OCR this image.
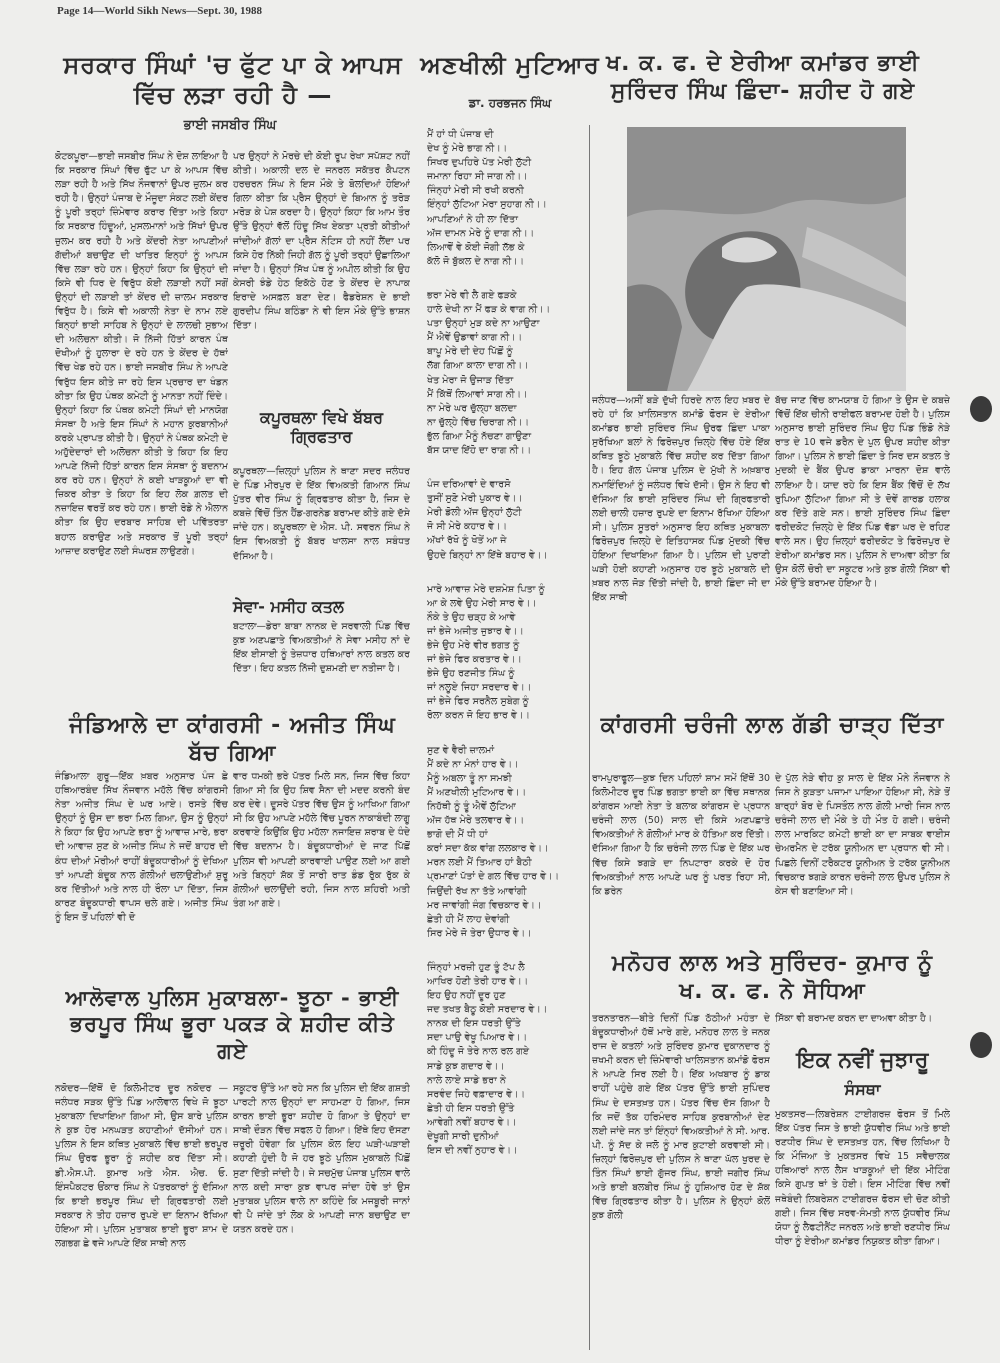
Page 14—World Sikh News—Sept. 30, 1988
ਸਰਕਾਰ ਸਿੰਘਾਂ 'ਚ ਫੁੱਟ ਪਾ ਕੇ ਆਪਸ ਵਿੱਚ ਲੜਾ ਰਹੀ ਹੈ —
ਭਾਈ ਜਸਬੀਰ ਸਿੰਘ
ਕੋਟਕਪੂਰਾ—ਭਾਈ ਜਸਬੀਰ ਸਿੰਘ ਨੇ ਦੋਸ਼ ਲਾਇਆ ਹੈ ਕਿ ਸਰਕਾਰ ਸਿੰਘਾਂ ਵਿੱਚ ਫੁੱਟ ਪਾ ਕੇ ਆਪਸ ਵਿੱਚ ਲੜਾ ਰਹੀ ਹੈ ਅਤੇ ਸਿੱਖ ਨੌਜਵਾਨਾਂ ਉਪਰ ਜ਼ੁਲਮ ਕਰ ਰਹੀ ਹੈ। ਉਨ੍ਹਾਂ ਪੰਜਾਬ ਦੇ ਮੌਜੂਦਾ ਸੰਕਟ ਲਈ ਕੇਂਦਰ ਨੂੰ ਪੂਰੀ ਤਰ੍ਹਾਂ ਜ਼ਿੰਮੇਵਾਰ ਕਰਾਰ ਦਿੱਤਾ ਅਤੇ ਕਿਹਾ ਕਿ ਸਰਕਾਰ ਹਿੰਦੂਆਂ, ਮੁਸਲਮਾਨਾਂ ਅਤੇ ਸਿੱਖਾਂ ਉਪਰ ਜ਼ੁਲਮ ਕਰ ਰਹੀ ਹੈ ਅਤੇ ਕੇਂਦਰੀ ਨੇਤਾ ਆਪਣੀਆਂ ਗੱਦੀਆਂ ਬਚਾਉਣ ਦੀ ਖਾਤਿਰ ਇਨ੍ਹਾਂ ਨੂੰ ਆਪਸ ਵਿੱਚ ਲੜਾ ਰਹੇ ਹਨ। ਉਨ੍ਹਾਂ ਕਿਹਾ ਕਿ ਉਨ੍ਹਾਂ ਦੀ ਕਿਸੇ ਵੀ ਧਿਰ ਦੇ ਵਿਰੁੱਧ ਕੋਈ ਲੜਾਈ ਨਹੀਂ ਸਗੋਂ ਉਨ੍ਹਾਂ ਦੀ ਲੜਾਈ ਤਾਂ ਕੇਂਦਰ ਦੀ ਜ਼ਾਲਮ ਸਰਕਾਰ ਵਿਰੁੱਧ ਹੈ। ਕਿਸੇ ਵੀ ਅਕਾਲੀ ਨੇਤਾ ਦੇ ਨਾਮ ਲਏ ਬਿਨ੍ਹਾਂ ਭਾਈ ਸਾਹਿਬ ਨੇ ਉਨ੍ਹਾਂ ਦੇ ਲਾਲਚੀ ਸੁਭਾਅ ਦੀ ਅਲੋਚਨਾ ਕੀਤੀ। ਜੋ ਨਿੱਜੀ ਹਿੱਤਾਂ ਕਾਰਨ ਪੰਥ ਦੋਖੀਆਂ ਨੂੰ ਹੁਲਾਰਾ ਦੇ ਰਹੇ ਹਨ ਤੇ ਕੇਂਦਰ ਦੇ ਹੱਥਾਂ ਵਿੱਚ ਖੇਡ ਰਹੇ ਹਨ। ਭਾਈ ਜਸਬੀਰ ਸਿੰਘ ਨੇ ਆਪਣੇ ਵਿਰੁੱਧ ਇਸ ਕੀਤੇ ਜਾ ਰਹੇ ਇਸ ਪ੍ਰਚਾਰ ਦਾ ਖੰਡਨ ਕੀਤਾ ਕਿ ਉਹ ਪੰਥਕ ਕਮੇਟੀ ਨੂੰ ਮਾਨਤਾ ਨਹੀਂ ਦਿੰਦੇ। ਉਨ੍ਹਾਂ ਕਿਹਾ ਕਿ ਪੰਥਕ ਕਮੇਟੀ ਸਿੰਘਾਂ ਦੀ ਮਾਨਯੋਗ ਸੰਸਥਾ ਹੈ ਅਤੇ ਇਸ ਸਿੰਘਾਂ ਨੇ ਮਹਾਨ ਕੁਰਬਾਨੀਆਂ ਕਰਕੇ ਪ੍ਰਾਪਤ ਕੀਤੀ ਹੈ। ਉਨ੍ਹਾਂ ਨੇ ਪੰਥਕ ਕਮੇਟੀ ਦੇ ਅਹੁੱਦੇਦਾਰਾਂ ਦੀ ਅਲੋਚਨਾ ਕੀਤੀ ਤੇ ਕਿਹਾ ਕਿ ਇਹ ਆਪਣੇ ਨਿੱਜੀ ਹਿੱਤਾਂ ਕਾਰਨ ਇਸ ਸੰਸਥਾ ਨੂੰ ਬਦਨਾਮ ਕਰ ਰਹੇ ਹਨ। ਉਨ੍ਹਾਂ ਨੇ ਕਈ ਖਾੜਕੂਆਂ ਦਾ ਵੀ ਜ਼ਿਕਰ ਕੀਤਾ ਤੇ ਕਿਹਾ ਕਿ ਇਹ ਲੋਕ ਗ਼ਲਤ ਦੀ ਨਜ਼ਾਇਜ਼ ਵਰਤੋਂ ਕਰ ਰਹੇ ਹਨ। ਭਾਈ ਰੋਡੇ ਨੇ ਐਲਾਨ ਕੀਤਾ ਕਿ ਉਹ ਦਰਬਾਰ ਸਾਹਿਬ ਦੀ ਪਵਿੱਤਰਤਾ ਬਹਾਲ ਕਰਾਉਣ ਅਤੇ ਸਰਕਾਰ ਤੋਂ ਪੂਰੀ ਤਰ੍ਹਾਂ ਆਜ਼ਾਦ ਕਰਾਉਣ ਲਈ ਸੰਘਰਸ਼ ਲਾਉਣਗੇ।
ਪਰ ਉਨ੍ਹਾਂ ਨੇ ਮੋਰਚੇ ਦੀ ਕੋਈ ਰੂਪ ਰੇਖਾ ਸਪੱਸ਼ਟ ਨਹੀਂ ਕੀਤੀ। ਅਕਾਲੀ ਦਲ ਦੇ ਜਨਰਲ ਸਕੱਤਰ ਕੈਪਟਨ ਹਰਚਰਨ ਸਿੰਘ ਨੇ ਇਸ ਮੌਕੇ ਤੇ ਬੋਲਦਿਆਂ ਹੋਇਆਂ ਗਿਲਾ ਕੀਤਾ ਕਿ ਪ੍ਰੈਸ ਉਨ੍ਹਾਂ ਦੇ ਬਿਆਨ ਨੂੰ ਤਰੋੜ ਮਰੋੜ ਕੇ ਪੇਸ਼ ਕਰਦਾ ਹੈ। ਉਨ੍ਹਾਂ ਕਿਹਾ ਕਿ ਆਮ ਤੌਰ ਉੱਤੇ ਉਨ੍ਹਾਂ ਵੱਲੋਂ ਹਿੰਦੂ ਸਿੱਖ ਏਕਤਾ ਪ੍ਰਤੀ ਕੀਤੀਆਂ ਜਾਂਦੀਆਂ ਗੱਲਾਂ ਦਾ ਪ੍ਰੈਸ ਨੋਟਿਸ ਹੀ ਨਹੀਂ ਲੈਂਦਾ ਪਰ ਕਿਸੇ ਹੋਰ ਨਿੱਕੀ ਜਿਹੀ ਗੱਲ ਨੂੰ ਪੂਰੀ ਤਰ੍ਹਾਂ ਉਛਾਲਿਆ ਜਾਂਦਾ ਹੈ। ਉਨ੍ਹਾਂ ਸਿੱਖ ਪੰਥ ਨੂੰ ਅਪੀਲ ਕੀਤੀ ਕਿ ਉਹ ਕੇਸਰੀ ਝੰਡੇ ਹੇਠ ਇਕੱਠੇ ਹੋਣ ਤੇ ਕੇਂਦਰ ਦੇ ਨਾਪਾਕ ਇਰਾਦੇ ਅਸਫ਼ਲ ਬਣਾ ਦੇਣ। ਫੈਡਰੇਸ਼ਨ ਦੇ ਭਾਈ ਗੁਰਦੀਪ ਸਿੰਘ ਬਠਿੰਡਾ ਨੇ ਵੀ ਇਸ ਮੌਕੇ ਉੱਤੇ ਭਾਸ਼ਨ ਦਿੱਤਾ।
ਕਪੂਰਥਲਾ ਵਿਖੇ ਬੱਬਰ ਗ੍ਰਿਫਤਾਰ
ਕਪੂਰਥਲਾ—ਜ਼ਿਲ੍ਹਾਂ ਪੁਲਿਸ ਨੇ ਥਾਣਾ ਸਦਰ ਜਲੰਧਰ ਦੇ ਪਿੰਡ ਮੀਰਪੁਰ ਦੇ ਇੱਕ ਵਿਅਕਤੀ ਗਿਆਨ ਸਿੰਘ ਪੁੱਤਰ ਵੀਰ ਸਿੰਘ ਨੂੰ ਗ੍ਰਿਫਤਾਰ ਕੀਤਾ ਹੈ, ਜਿਸ ਦੇ ਕਬਜ਼ੇ ਵਿੱਚੋਂ ਤਿੰਨ ਹੈਂਡ-ਗਰਨੇਡ ਬਰਾਮਦ ਕੀਤੇ ਗਏ ਦੱਸੇ ਜਾਂਦੇ ਹਨ। ਕਪੂਰਥਲਾ ਦੇ ਐਸ. ਪੀ. ਸਵਰਨ ਸਿੰਘ ਨੇ ਇਸ ਵਿਅਕਤੀ ਨੂੰ ਬੱਬਰ ਖਾਲਸਾ ਨਾਲ ਸਬੰਧਤ ਦੱਸਿਆ ਹੈ।
ਸੇਵਾ- ਮਸੀਹ ਕਤਲ
ਬਟਾਲਾ—ਡੇਰਾ ਬਾਬਾ ਨਾਨਕ ਦੇ ਸਰਵਾਲੀ ਪਿੰਡ ਵਿੱਚ ਕੁਝ ਅਣਪਛਾਤੇ ਵਿਅਕਤੀਆਂ ਨੇ ਸੇਵਾ ਮਸੀਹ ਨਾਂ ਦੇ ਇੱਕ ਈਸਾਈ ਨੂੰ ਤੇਜ਼ਧਾਰ ਹਥਿਆਰਾਂ ਨਾਲ ਕਤਲ ਕਰ ਦਿੱਤਾ। ਇਹ ਕਤਲ ਨਿੱਜੀ ਦੁਸ਼ਮਣੀ ਦਾ ਨਤੀਜਾ ਹੈ।
ਜੰਡਿਆਲੇ ਦਾ ਕਾਂਗਰਸੀ - ਅਜੀਤ ਸਿੰਘ ਬੱਚ ਗਿਆ
ਜੰਡਿਆਲਾ ਗੁਰੂ—ਇੱਕ ਖ਼ਬਰ ਅਨੁਸਾਰ ਪੰਜ ਛੇ ਹਥਿਆਰਬੰਦ ਸਿੱਖ ਨੌਜਵਾਨ ਮਹੱਲੇ ਵਿੱਚ ਕਾਂਗਰਸੀ ਨੇਤਾ ਅਜੀਤ ਸਿੰਘ ਦੇ ਘਰ ਆਏ। ਰਸਤੇ ਵਿੱਚ ਉਨ੍ਹਾਂ ਨੂੰ ਉਸ ਦਾ ਭਰਾ ਮਿਲ ਗਿਆ, ਉਸ ਨੂੰ ਉਨ੍ਹਾਂ ਨੇ ਕਿਹਾ ਕਿ ਉਹ ਆਪਣੇ ਭਰਾ ਨੂੰ ਆਵਾਜ਼ ਮਾਰੇ, ਭਰਾ ਦੀ ਆਵਾਜ਼ ਸੁਣ ਕੇ ਅਜੀਤ ਸਿੰਘ ਨੇ ਜਦੋਂ ਬਾਹਰ ਦੀ ਕੰਧ ਦੀਆਂ ਮੋਰੀਆਂ ਰਾਹੀਂ ਬੰਦੂਕਧਾਰੀਆਂ ਨੂੰ ਦੇਖਿਆ ਤਾਂ ਆਪਣੀ ਬੰਦੂਕ ਨਾਲ ਗੋਲੀਆਂ ਚਲਾਉਣੀਆਂ ਸ਼ੁਰੂ ਕਰ ਦਿੱਤੀਆਂ ਅਤੇ ਨਾਲ ਹੀ ਰੌਲਾ ਪਾ ਦਿੱਤਾ, ਜਿਸ ਕਾਰਣ ਬੰਦੂਕਧਾਰੀ ਵਾਪਸ ਚਲੇ ਗਏ। ਅਜੀਤ ਸਿੰਘ ਨੂੰ ਇਸ ਤੋਂ ਪਹਿਲਾਂ ਵੀ ਦੋ
ਵਾਰ ਧਮਕੀ ਭਰੇ ਪੱਤਰ ਮਿਲੇ ਸਨ, ਜਿਸ ਵਿੱਚ ਕਿਹਾ ਗਿਆ ਸੀ ਕਿ ਉਹ ਸ਼ਿਵ ਸੈਨਾ ਦੀ ਮਦਦ ਕਰਨੀ ਬੰਦ ਕਰ ਦੇਵੇ। ਦੂਸਰੇ ਪੱਤਰ ਵਿੱਚ ਉਸ ਨੂੰ ਆਖਿਆ ਗਿਆ ਸੀ ਕਿ ਉਹ ਆਪਣੇ ਮਹੱਲੇ ਵਿੱਚ ਪੂਰਨ ਨਾਕਾਬੰਦੀ ਲਾਗੂ ਕਰਵਾਏ ਕਿਉਂਕਿ ਉਹ ਮਹੱਲਾ ਨਜਾਇਜ਼ ਸ਼ਰਾਬ ਦੇ ਧੰਦੇ ਵਿੱਚ ਬਦਨਾਮ ਹੈ। ਬੰਦੂਕਧਾਰੀਆਂ ਦੇ ਜਾਣ ਪਿੱਛੋਂ ਪੁਲਿਸ ਵੀ ਆਪਣੀ ਕਾਰਵਾਈ ਪਾਉਣ ਲਈ ਆ ਗਈ ਅਤੇ ਬਿਨ੍ਹਾਂ ਸ਼ੱਕ ਤੋਂ ਸਾਰੀ ਰਾਤ ਡੰਡ ਰੁੱਕ ਰੁੱਕ ਕੇ ਗੋਲੀਆਂ ਚਲਾਉਂਦੀ ਰਹੀ, ਜਿਸ ਨਾਲ ਸ਼ਹਿਰੀ ਅਤੀ ਤੰਗ ਆ ਗਏ।
ਆਲੋਵਾਲ ਪੁਲਿਸ ਮੁਕਾਬਲਾ- ਝੂਠਾ - ਭਾਈ ਭਰਪੂਰ ਸਿੰਘ ਭੂਰਾ ਪਕੜ ਕੇ ਸ਼ਹੀਦ ਕੀਤੇ ਗਏ
ਨਕੋਦਰ—ਇੱਥੋਂ ਦੋ ਕਿਲੋਮੀਟਰ ਦੂਰ ਨਕੋਦਰ — ਜਲੰਧਰ ਸੜਕ ਉੱਤੇ ਪਿੰਡ ਆਲੋਵਾਲ ਵਿਖੇ ਜੋ ਝੂਠਾ ਮੁਕਾਬਲਾ ਦਿਖਾਇਆ ਗਿਆ ਸੀ, ਉਸ ਬਾਰੇ ਪੁਲਿਸ ਨੇ ਕੁਝ ਹੋਰ ਮਨਘੜਤ ਕਹਾਣੀਆਂ ਦੱਸੀਆਂ ਹਨ। ਪੁਲਿਸ ਨੇ ਇਸ ਕਥਿਤ ਮੁਕਾਬਲੇ ਵਿੱਚ ਭਾਈ ਭਰਪੂਰ ਸਿੰਘ ਉਰਫ ਭੂਰਾ ਨੂੰ ਸ਼ਹੀਦ ਕਰ ਦਿੱਤਾ ਸੀ। ਡੀ.ਐਸ.ਪੀ. ਕੁਮਾਰ ਅਤੇ ਐਸ. ਐਚ. ਓ. ਇੰਸਪੈਕਟਰ ਓਂਕਾਰ ਸਿੰਘ ਨੇ ਪੱਤਰਕਾਰਾਂ ਨੂੰ ਦੱਸਿਆ ਕਿ ਭਾਈ ਭਰਪੂਰ ਸਿੰਘ ਦੀ ਗ੍ਰਿਫਤਾਰੀ ਲਈ ਸਰਕਾਰ ਨੇ ਤੀਹ ਹਜ਼ਾਰ ਰੁਪਏ ਦਾ ਇਨਾਮ ਰੱਖਿਆ ਹੋਇਆ ਸੀ। ਪੁਲਿਸ ਮੁਤਾਬਕ ਭਾਈ ਭੂਰਾ ਸ਼ਾਮ ਦੇ ਲਗਭਗ ਛੇ ਵਜੇ ਆਪਣੇ ਇੱਕ ਸਾਥੀ ਨਾਲ
ਸਕੂਟਰ ਉੱਤੇ ਆ ਰਹੇ ਸਨ ਕਿ ਪੁਲਿਸ ਦੀ ਇੱਕ ਗਸ਼ਤੀ ਪਾਰਟੀ ਨਾਲ ਉਨ੍ਹਾਂ ਦਾ ਸਾਹਮਣਾ ਹੋ ਗਿਆ, ਜਿਸ ਕਾਰਨ ਭਾਈ ਭੂਰਾ ਸ਼ਹੀਦ ਹੋ ਗਿਆ ਤੇ ਉਨ੍ਹਾਂ ਦਾ ਸਾਥੀ ਦੌੜਨ ਵਿੱਚ ਸਫਲ ਹੋ ਗਿਆ। ਇੱਥੇ ਇਹ ਦੱਸਣਾ ਜ਼ਰੂਰੀ ਹੋਵੇਗਾ ਕਿ ਪੁਲਿਸ ਕੋਲ ਇਹ ਘੜੀ-ਘੜਾਈ ਕਹਾਣੀ ਹੁੰਦੀ ਹੈ ਜੋ ਹਰ ਝੂਠੇ ਪੁਲਿਸ ਮੁਕਾਬਲੇ ਪਿੱਛੋਂ ਸੁਣਾ ਦਿੱਤੀ ਜਾਂਦੀ ਹੈ। ਜੇ ਸਚਮੁੱਚ ਪੰਜਾਬ ਪੁਲਿਸ ਵਾਲੇ ਨਾਲ ਕਦੀ ਸਾਰਾ ਕੁਝ ਵਾਪਰ ਜਾਂਦਾ ਹੋਵੇ ਤਾਂ ਉਸ ਮੁਤਾਬਕ ਪੁਲਿਸ ਵਾਲੇ ਨਾ ਕਹਿੰਦੇ ਕਿ ਮਜਬੂਰੀ ਜਾਨਾਂ ਵੀ ਪੈ ਜਾਂਦੇ ਤਾਂ ਲੋਕ ਕੇ ਆਪਣੀ ਜਾਨ ਬਚਾਉਣ ਦਾ ਯਤਨ ਕਰਦੇ ਹਨ।
ਅਣਖੀਲੀ ਮੁਟਿਆਰ
ਡਾ. ਹਰਭਜਨ ਸਿੰਘ
ਮੈਂ ਹਾਂ ਧੀ ਪੰਜਾਬ ਦੀ
ਦੇਖ ਨੂੰ ਮੇਰੇ ਭਾਗ ਨੀ।।
ਸਿਖਰ ਦੁਪਹਿਰੇ ਪੱਤ ਮੇਰੀ ਲੁੱਟੀ
ਜਮਾਨਾ ਰਿਹਾ ਸੀ ਜਾਗ ਨੀ।।
ਜਿੰਨ੍ਹਾਂ ਮੇਰੀ ਸੀ ਰਖੀ ਕਰਨੀ
ਇੰਨ੍ਹਾਂ ਲੁੱਟਿਆ ਮੇਰਾ ਸੁਹਾਗ ਨੀ।।
ਆਪਣਿਆਂ ਨੇ ਹੀ ਲਾ ਦਿੱਤਾ
ਅੱਜ ਦਾਮਨ ਮੇਰੇ ਨੂੰ ਦਾਗ ਨੀ।।
ਲਿਆਵੋਂ ਵੇ ਕੋਈ ਜੋਗੀ ਲੱਭ ਕੇ
ਕੱਲੋ ਜੋ ਬੁੱਕਲ ਦੇ ਨਾਗ ਨੀ।।
ਭਰਾ ਮੇਰੇ ਵੀ ਲੈ ਗਏ ਫੜਕੇ
ਹਾਲੇ ਦੇਖੀ ਨਾ ਮੈਂ ਫੜ ਕੇ ਵਾਗ ਨੀ।।
ਪਤਾ ਉਨ੍ਹਾਂ ਮੁੜ ਕਦੇ ਨਾ ਆਉਣਾ
ਮੈਂ ਐਵੇਂ ਉਡਾਵਾਂ ਕਾਗ ਨੀ।।
ਬਾਪੂ ਮੇਰੇ ਦੀ ਦੇਹ ਪਿੱਛੋਂ ਨੂੰ
ਲੱਗ ਗਿਆ ਕਾਲਾ ਦਾਗ ਨੀ।।
ਖੇਤ ਮੇਰਾ ਜੋ ਉਜਾੜ ਦਿੱਤਾ
ਮੈਂ ਕਿੱਥੋਂ ਲਿਆਵਾਂ ਸਾਗ ਨੀ।।
ਨਾ ਮੇਰੇ ਘਰ ਚੁੱਲ੍ਹਾ ਬਲਦਾ
ਨਾ ਚੁੱਲ੍ਹੇ ਵਿੱਚ ਚਿਰਾਗ ਨੀ।।
ਭੁੱਲ ਗਿਆ ਮੈਨੂੰ ਨੱਚਣਾ ਗਾਉਣਾ
ਬੱਸ ਯਾਦ ਇੱਹੋ ਦਾ ਰਾਗ ਨੀ।।
ਪੰਜ ਦਰਿਆਵਾਂ ਦੇ ਵਾਰਸੋ
ਤੁਸੀਂ ਸੁਣੋ ਮੇਰੀ ਪੁਕਾਰ ਵੇ।।
ਮੇਰੀ ਡੋਲੀ ਅੱਜ ਉਨ੍ਹਾਂ ਲੁੱਟੀ
ਜੋ ਸੀ ਮੇਰੇ ਕਹਾਰ ਵੇ।।
ਅੱਖਾਂ ਰੱਖੋ ਨੂੰ ਖੋਤੇਂ ਆ ਜੇ
ਉਹਦੇ ਬਿਨ੍ਹਾਂ ਨਾ ਇੱਥੇ ਬਹਾਰ ਵੇ।।
ਮਾਰੇ ਆਵਾਜ਼ ਮੇਰੇ ਦਸ਼ਮੇਸ਼ ਪਿਤਾ ਨੂੰ
ਆ ਕੇ ਲਵੇ ਉਹ ਮੇਰੀ ਸਾਰ ਵੇ।।
ਨੌਕੇ ਤੇ ਉਹ ਚੜ੍ਹ ਕੇ ਆਵੇ
ਜਾਂ ਭੇਜੇ ਅਜੀਤ ਜੁਝਾਰ ਵੇ।।
ਭੇਜੇ ਉਹ ਮੇਰੇ ਵੀਰ ਭਗਤ ਨੂੰ
ਜਾਂ ਭੇਜੇ ਫਿਰ ਕਰਤਾਰ ਵੇ।।
ਭੇਜੇ ਉਹ ਰਣਜੀਤ ਸਿੰਘ ਨੂੰ
ਜਾਂ ਨਲੂਏ ਜਿਹਾ ਸਰਦਾਰ ਵੇ।।
ਜਾਂ ਭੇਜੇ ਫਿਰ ਸਰਨੈਲ ਸੁਬੇਗ ਨੂੰ
ਰੋਲਾ ਕਰਨ ਜੋ ਇਹ ਭਾਰ ਵੇ।।
ਸੁਣ ਵੇ ਵੈਰੀ ਜ਼ਾਲਮਾਂ
ਮੈਂ ਕਦੇ ਨਾ ਮੰਨਾਂ ਹਾਰ ਵੇ।।
ਮੈਨੂੰ ਅਬਲਾ ਤੂੰ ਨਾ ਸਮਝੀ
ਮੈਂ ਅਣਖੀਲੀ ਮੁਟਿਆਰ ਵੇ।।
ਨਿਹੱਥੀ ਨੂੰ ਤੂੰ ਐਵੇਂ ਲੁੱਟਿਆ
ਅੱਜ ਹੱਥ ਮੇਰੇ ਤਲਵਾਰ ਵੇ।।
ਭਾਗੋ ਦੀ ਮੈਂ ਧੀ ਹਾਂ
ਕਰਾਂ ਸਦਾ ਕੱਕ ਵਾਂਗ ਲਲਕਾਰ ਵੇ।।
ਮਰਨ ਲਈ ਮੈਂ ਤਿਆਰ ਹਾਂ ਬੈਠੀ
ਪ੍ਰਮਾਣਾਂ ਪੱਤਾਂ ਦੇ ਗਲ ਵਿੱਚ ਹਾਰ ਵੇ।।
ਜਿਉਂਦੀ ਰੱਖ ਨਾ ਤੱਤੇ ਆਵਾਂਗੀ
ਮਰ ਜਾਵਾਂਗੀ ਜੰਗ ਵਿਚਕਾਰ ਵੇ।।
ਛੇਤੀ ਹੀ ਮੈਂ ਲਾਹ ਦੇਵਾਂਗੀ
ਸਿਰ ਮੇਰੇ ਜੋ ਤੇਰਾ ਉਧਾਰ ਵੇ।।
ਜਿੰਨ੍ਹਾਂ ਮਰਜ਼ੀ ਹੁਣ ਤੂੰ ਟੱਪ ਲੈ
ਆਖਿਰ ਹੋਣੀ ਤੇਰੀ ਹਾਰ ਵੇ।।
ਇਹ ਉਹ ਨਹੀਂ ਦੂਰ ਹੁਣ
ਜਦ ਤਖਤ ਬੈਠੂ ਕੋਈ ਸਰਦਾਰ ਵੇ।।
ਨਾਨਕ ਦੀ ਇਸ ਧਰਤੀ ਉੱਤੇ
ਸਦਾ ਪਾਉ ਵੇਖੂ ਪਿਆਰ ਵੇ।।
ਕੀ ਹਿੰਦੂ ਜੋ ਤੇਰੇ ਨਾਲ ਰਲ ਗਏ
ਸਾਡੇ ਕੁਝ ਗਦਾਰ ਵੇ।।
ਨਾਲੇ ਲਾਏ ਸਾਡੇ ਭਰਾ ਨੇ
ਸਰਵੰਦ ਜਿਹੇ ਵਫ਼ਾਦਾਰ ਵੇ।।
ਛੇਤੀ ਹੀ ਇਸ ਧਰਤੀ ਉੱਤੇ
ਆਵੇਗੀ ਨਵੀਂ ਬਹਾਰ ਵੇ।।
ਦੇਖੂਗੀ ਸਾਰੀ ਦੁਨੀਆਂ
ਇਸ ਦੀ ਨਵੀਂ ਨੁਹਾਰ ਵੇ।।
ਖ. ਕ. ਫ. ਦੇ ਏਰੀਆ ਕਮਾਂਡਰ ਭਾਈ ਸੁਰਿੰਦਰ ਸਿੰਘ ਛਿੰਦਾ- ਸ਼ਹੀਦ ਹੋ ਗਏ
ਜਲੰਧਰ—ਅਸੀਂ ਬੜੇ ਦੁੱਖੀ ਹਿਰਦੇ ਨਾਲ ਇਹ ਖ਼ਬਰ ਦੇ ਰਹੇ ਹਾਂ ਕਿ ਖ਼ਾਲਿਸਤਾਨ ਕਮਾਂਡੋ ਫੋਰਸ ਦੇ ਏਰੀਆ ਕਮਾਂਡਰ ਭਾਈ ਸੁਰਿੰਦਰ ਸਿੰਘ ਉਰਫ ਛਿੰਦਾ ਪਾਕਾ ਸੁਰੱਖਿਆ ਬਲਾਂ ਨੇ ਫਿਰੋਜ਼ਪੁਰ ਜ਼ਿਲ੍ਹੇ ਵਿੱਚ ਹੋਏ ਇੱਕ ਕਥਿਤ ਝੂਠੇ ਮੁਕਾਬਲੇ ਵਿੱਚ ਸ਼ਹੀਦ ਕਰ ਦਿੱਤਾ ਗਿਆ ਹੈ। ਇਹ ਗੱਲ ਪੰਜਾਬ ਪੁਲਿਸ ਦੇ ਮੁੱਖੀ ਨੇ ਅਖ਼ਬਾਰ ਨਮਾਇੰਦਿਆਂ ਨੂੰ ਜਲੰਧਰ ਵਿਖੇ ਦੱਸੀ। ਉਸ ਨੇ ਇਹ ਵੀ ਦੱਸਿਆ ਕਿ ਭਾਈ ਸੁਰਿੰਦਰ ਸਿੰਘ ਦੀ ਗ੍ਰਿਫਤਾਰੀ ਲਈ ਚਾਲੀ ਹਜ਼ਾਰ ਰੁਪਏ ਦਾ ਇਨਾਮ ਰੱਖਿਆ ਹੋਇਆ ਸੀ। ਪੁਲਿਸ ਸੂਤਰਾਂ ਅਨੁਸਾਰ ਇਹ ਕਥਿਤ ਮੁਕਾਬਲਾ ਫਿਰੋਜ਼ਪੁਰ ਜ਼ਿਲ੍ਹੇ ਦੇ ਇਤਿਹਾਸਕ ਪਿੰਡ ਮੁੱਦਕੀ ਵਿੱਚ ਹੋਇਆ ਦਿਖਾਇਆ ਗਿਆ ਹੈ। ਪੁਲਿਸ ਦੀ ਪੁਰਾਣੀ ਘੜੀ ਹੋਈ ਕਹਾਣੀ ਅਨੁਸਾਰ ਹਰ ਝੂਠੇ ਮੁਕਾਬਲੇ ਦੀ ਖ਼ਬਰ ਨਾਲ ਜੋੜ ਦਿੱਤੀ ਜਾਂਦੀ ਹੈ, ਭਾਈ ਛਿੰਦਾ ਜੀ ਦਾ ਇੱਕ ਸਾਥੀ
ਬੱਚ ਜਾਣ ਵਿੱਚ ਕਾਮਯਾਬ ਹੋ ਗਿਆ ਤੇ ਉਸ ਦੇ ਕਬਜ਼ੇ ਵਿੱਚੋਂ ਇੱਕ ਚੀਨੀ ਰਾਈਫਲ ਬਰਾਮਦ ਹੋਈ ਹੈ। ਪੁਲਿਸ ਅਨੁਸਾਰ ਭਾਈ ਸੁਰਿੰਦਰ ਸਿੰਘ ਉਹ ਪਿੰਡ ਭਿੰਡੋ ਨੇੜੇ ਰਾਤ ਦੇ 10 ਵਜੇ ਡਰੈਨ ਦੇ ਪੁਲ ਉਪਰ ਸ਼ਹੀਦ ਕੀਤਾ ਗਿਆ। ਪੁਲਿਸ ਨੇ ਭਾਈ ਛਿੰਦਾ ਤੇ ਸਿਰ ਦਸ ਕਤਲ ਤੇ ਮੁਦਕੀ ਦੇ ਬੈਂਕ ਉਪਰ ਡਾਕਾ ਮਾਰਨਾ ਦੋਸ਼ ਵਾਲੇ ਲਾਇਆ ਹੈ। ਯਾਦ ਰਹੇ ਕਿ ਇਸ ਬੈਂਕ ਵਿੱਚੋਂ ਦੋ ਲੱਖ ਰੁਪਿਆ ਲੁੱਟਿਆ ਗਿਆ ਸੀ ਤੇ ਦੋਵੇਂ ਗਾਰਡ ਹਲਾਕ ਕਰ ਦਿੱਤੇ ਗਏ ਸਨ। ਭਾਈ ਸੁਰਿੰਦਰ ਸਿੰਘ ਛਿੰਦਾ ਫਰੀਦਕੋਟ ਜ਼ਿਲ੍ਹੇ ਦੇ ਇੱਕ ਪਿੰਡ ਵੱਡਾ ਘਰ ਦੇ ਰਹਿਣ ਵਾਲੇ ਸਨ। ਉਹ ਜ਼ਿਲ੍ਹਾਂ ਫਰੀਦਕੋਟ ਤੇ ਫਿਰੋਜ਼ਪੁਰ ਦੇ ਏਰੀਆ ਕਮਾਂਡਰ ਸਨ। ਪੁਲਿਸ ਨੇ ਦਾਅਵਾ ਕੀਤਾ ਕਿ ਉਸ ਕੋਲੋਂ ਚੋਰੀ ਦਾ ਸਕੂਟਰ ਅਤੇ ਕੁਝ ਗੋਲੀ ਸਿੱਕਾ ਵੀ ਮੌਕੇ ਉੱਤੇ ਬਰਾਮਦ ਹੋਇਆ ਹੈ।
ਕਾਂਗਰਸੀ ਚਰੰਜੀ ਲਾਲ ਗੱਡੀ ਚਾੜ੍ਹ ਦਿੱਤਾ
ਰਾਮਪੁਰਾਫੂਲ—ਕੁਝ ਦਿਨ ਪਹਿਲਾਂ ਸ਼ਾਮ ਸਮੇਂ ਇੱਥੋਂ 30 ਕਿਲੋਮੀਟਰ ਦੂਰ ਪਿੰਡ ਭਗਤਾ ਭਾਈ ਕਾ ਵਿੱਚ ਸਥਾਨਕ ਕਾਂਗਰਸ ਆਈ ਨੇਤਾ ਤੇ ਬਲਾਕ ਕਾਂਗਰਸ ਦੇ ਪ੍ਰਧਾਨ ਚਰੰਜੀ ਲਾਲ (50) ਸਾਲ ਦੀ ਕਿਸੇ ਅਣਪਛਾਤੇ ਵਿਅਕਤੀਆਂ ਨੇ ਗੋਲੀਆਂ ਮਾਰ ਕੇ ਹੱਤਿਆ ਕਰ ਦਿੱਤੀ। ਦੱਸਿਆ ਗਿਆ ਹੈ ਕਿ ਚਰੰਜੀ ਲਾਲ ਪਿੰਡ ਦੇ ਇੱਕ ਘਰ ਵਿੱਚ ਕਿਸੇ ਝਗੜੇ ਦਾ ਨਿਪਟਾਰਾ ਕਰਕੇ ਦੋ ਹੋਰ ਵਿਅਕਤੀਆਂ ਨਾਲ ਆਪਣੇ ਘਰ ਨੂੰ ਪਰਤ ਰਿਹਾ ਸੀ, ਕਿ ਡਰੇਨ
ਦੇ ਪੁੱਲ ਨੇੜੇ ਵੀਹ ਕੁ ਸਾਲ ਦੇ ਇੱਕ ਮੋਨੇ ਨੌਜਵਾਨ ਨੇ ਜਿਸ ਨੇ ਕੁੜਤਾ ਪਜਾਮਾ ਪਾਇਆ ਹੋਇਆ ਸੀ, ਨੇੜੇ ਤੋਂ ਬਾਰ੍ਹਾਂ ਬੋਰ ਦੇ ਪਿਸਤੌਲ ਨਾਲ ਗੋਲੀ ਮਾਰੀ ਜਿਸ ਨਾਲ ਚਰੰਜੀ ਲਾਲ ਦੀ ਮੌਕੇ ਤੇ ਹੀ ਮੌਤ ਹੋ ਗਈ। ਚਰੰਜੀ ਲਾਲ ਮਾਰਕਿਟ ਕਮੇਟੀ ਭਾਈ ਕਾ ਦਾ ਸਾਬਕ ਵਾਈਸ ਚੇਅਰਮੈਨ ਦੇ ਟਰੱਕ ਯੂਨੀਅਨ ਦਾ ਪ੍ਰਧਾਨ ਵੀ ਸੀ। ਪਿਛਲੇ ਦਿਨੀਂ ਟਰੈਕਟਰ ਯੂਨੀਅਨ ਤੇ ਟਰੱਕ ਯੂਨੀਅਨ ਵਿਚਕਾਰ ਝਗੜੇ ਕਾਰਨ ਚਰੰਜੀ ਲਾਲ ਉਪਰ ਪੁਲਿਸ ਨੇ ਕੇਸ ਵੀ ਬਣਾਇਆ ਸੀ।
ਮਨੋਹਰ ਲਾਲ ਅਤੇ ਸੁਰਿੰਦਰ- ਕੁਮਾਰ ਨੂੰ ਖ. ਕ. ਫ. ਨੇ ਸੋਧਿਆ
ਤਰਨਤਾਰਨ—ਬੀਤੇ ਦਿਨੀਂ ਪਿੰਡ ਠੱਠੀਆਂ ਮਹੰਤਾ ਦੇ ਬੰਦੂਕਧਾਰੀਆਂ ਹੱਥੋਂ ਮਾਰੇ ਗਏ, ਮਨੋਹਰ ਲਾਲ ਤੇ ਜਨਕ ਰਾਜ ਦੇ ਕਤਲਾਂ ਅਤੇ ਸੁਰਿੰਦਰ ਕੁਮਾਰ ਦੁਕਾਨਦਾਰ ਨੂੰ ਜ਼ਖਮੀ ਕਰਨ ਦੀ ਜ਼ਿੰਮੇਵਾਰੀ ਖਾਲਿਸਤਾਨ ਕਮਾਂਡੋ ਫੋਰਸ ਨੇ ਆਪਣੇ ਸਿਰ ਲਈ ਹੈ। ਇੱਕ ਅਖਬਾਰ ਨੂੰ ਡਾਕ ਰਾਹੀਂ ਪਹੁੰਚੇ ਗਏ ਇੱਕ ਪੱਤਰ ਉੱਤੇ ਭਾਈ ਸੁਪਿੰਦਰ ਸਿੰਘ ਦੇ ਦਸਤਖ਼ਤ ਹਨ। ਪੱਤਰ ਵਿੱਚ ਦੱਸ ਗਿਆ ਹੈ ਕਿ ਜਦੋਂ ਤੱਕ ਹਰਿਮੰਦਰ ਸਾਹਿਬ ਕੁਰਬਾਨੀਆਂ ਦੇਣ ਲਈ ਜਾਂਦੇ ਜਨ ਤਾਂ ਇੰਨ੍ਹਾਂ ਵਿਅਕਤੀਆਂ ਨੇ ਸੀ. ਆਰ. ਪੀ. ਨੂੰ ਸੱਦ ਕੇ ਜਲੋ ਨੂੰ ਮਾਰ ਕੁਟਾਈ ਕਰਵਾਈ ਸੀ। ਜ਼ਿਲ੍ਹਾਂ ਫਿਰੋਜ਼ਪੁਰ ਦੀ ਪੁਲਿਸ ਨੇ ਥਾਣਾ ਘੱਲ ਖੁਰਦ ਦੇ ਤਿੰਨ ਸਿੰਘਾਂ ਭਾਈ ਗੁੱਜਰ ਸਿੰਘ, ਭਾਈ ਜਗੀਰ ਸਿੰਘ ਅਤੇ ਭਾਈ ਬਲਬੀਰ ਸਿੰਘ ਨੂੰ ਹੁਸ਼ਿਆਰ ਹੋਣ ਦੇ ਸ਼ੱਕ ਵਿੱਚ ਗ੍ਰਿਫਤਾਰ ਕੀਤਾ ਹੈ। ਪੁਲਿਸ ਨੇ ਉਨ੍ਹਾਂ ਕੋਲੋਂ ਕੁਝ ਗੋਲੀ
ਸਿੱਕਾ ਵੀ ਬਰਾਮਦ ਕਰਨ ਦਾ ਦਾਅਵਾ ਕੀਤਾ ਹੈ।
ਇਕ ਨਵੀਂ ਜੁਝਾਰੂ
ਸੰਸਥਾ
ਮੁਕਤਸਰ—ਲਿਬਰੇਸ਼ਨ ਟਾਈਗਰਜ਼ ਫੋਰਸ ਤੋਂ ਮਿਲੇ ਇੱਕ ਪੱਤਰ ਜਿਸ ਤੇ ਭਾਈ ਯੁੱਧਵੀਰ ਸਿੰਘ ਅਤੇ ਭਾਈ ਰਣਧੀਰ ਸਿੰਘ ਦੇ ਦਸਤਖ਼ਤ ਹਨ, ਵਿੱਚ ਲਿਖਿਆ ਹੈ ਕਿ ਮੌਜਿਆ ਤੇ ਮੁਕਤਸਰ ਵਿਖੇ 15 ਸਵੈਚਾਲਕ ਹਥਿਆਰਾਂ ਨਾਲ ਲੈਸ ਖਾੜਕੂਆਂ ਦੀ ਇੱਕ ਮੀਟਿੰਗ ਕਿਸੇ ਗੁਪਤ ਥਾਂ ਤੇ ਹੋਈ। ਇਸ ਮੀਟਿੰਗ ਵਿੱਚ ਨਵੀਂ ਜਥੇਬੰਦੀ ਲਿਬਰੇਸ਼ਨ ਟਾਈਗਰਜ਼ ਫੋਰਸ ਦੀ ਚੋਣ ਕੀਤੀ ਗਈ। ਜਿਸ ਵਿੱਚ ਸਰਵ-ਸੰਮਤੀ ਨਾਲ ਯੁੱਧਵੀਰ ਸਿੰਘ ਯੋਧਾ ਨੂੰ ਲੈਫਟੀਨੈਂਟ ਜਨਰਲ ਅਤੇ ਭਾਈ ਰਣਧੀਰ ਸਿੰਘ ਧੀਰਾ ਨੂੰ ਏਰੀਆ ਕਮਾਂਡਰ ਨਿਯੁਕਤ ਕੀਤਾ ਗਿਆ।
